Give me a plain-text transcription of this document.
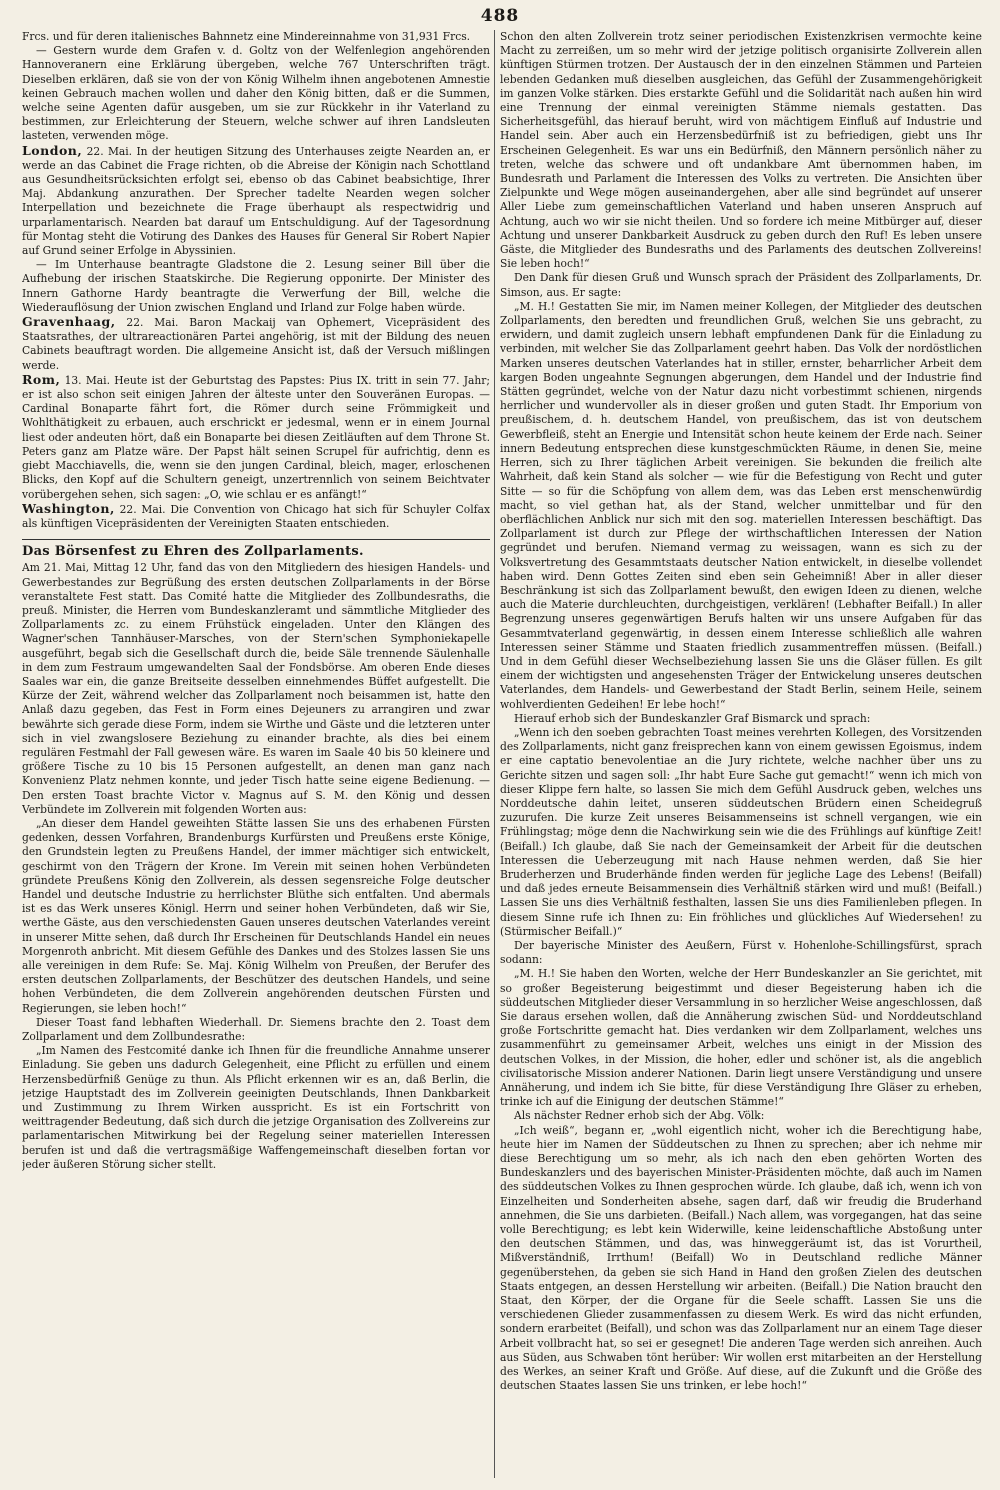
488

Frcs. und für deren italienisches Bahnnetz eine Mindereinnahme von 31,931 Frcs.

— Gestern wurde dem Grafen v. d. Goltz von der Welfenlegion angehörenden Hannoveranern eine Erklärung übergeben, welche 767 Unterschriften trägt. Dieselben erklären, daß sie von der von König Wilhelm ihnen angebotenen Amnestie keinen Gebrauch machen wollen und daher den König bitten, daß er die Summen, welche seine Agenten dafür ausgeben, um sie zur Rückkehr in ihr Vaterland zu bestimmen, zur Erleichterung der Steuern, welche schwer auf ihren Landsleuten lasteten, verwenden möge.

London, 22. Mai. In der heutigen Sitzung des Unterhauses zeigte Nearden an, er werde an das Cabinet die Frage richten, ob die Abreise der Königin nach Schottland aus Gesundheitsrücksichten erfolgt sei, ebenso ob das Cabinet beabsichtige, Ihrer Maj. Abdankung anzurathen. Der Sprecher tadelte Nearden wegen solcher Interpellation und bezeichnete die Frage überhaupt als respectwidrig und urparlamentarisch. Nearden bat darauf um Entschuldigung. Auf der Tagesordnung für Montag steht die Votirung des Dankes des Hauses für General Sir Robert Napier auf Grund seiner Erfolge in Abyssinien.

— Im Unterhause beantragte Gladstone die 2. Lesung seiner Bill über die Aufhebung der irischen Staatskirche. Die Regierung opponirte. Der Minister des Innern Gathorne Hardy beantragte die Verwerfung der Bill, welche die Wiederauflösung der Union zwischen England und Irland zur Folge haben würde.

Gravenhaag, 22. Mai. Baron Mackaij van Ophemert, Vicepräsident des Staatsrathes, der ultrareactionären Partei angehörig, ist mit der Bildung des neuen Cabinets beauftragt worden. Die allgemeine Ansicht ist, daß der Versuch mißlingen werde.

Rom, 13. Mai. Heute ist der Geburtstag des Papstes: Pius IX. tritt in sein 77. Jahr; er ist also schon seit einigen Jahren der älteste unter den Souveränen Europas. — Cardinal Bonaparte fährt fort, die Römer durch seine Frömmigkeit und Wohlthätigkeit zu erbauen, auch erschrickt er jedesmal, wenn er in einem Journal liest oder andeuten hört, daß ein Bonaparte bei diesen Zeitläuften auf dem Throne St. Peters ganz am Platze wäre. Der Papst hält seinen Scrupel für aufrichtig, denn es giebt Macchiavells, die, wenn sie den jungen Cardinal, bleich, mager, erloschenen Blicks, den Kopf auf die Schultern geneigt, unzertrennlich von seinem Beichtvater vorübergehen sehen, sich sagen: „O, wie schlau er es anfängt!“

Washington, 22. Mai. Die Convention von Chicago hat sich für Schuyler Colfax als künftigen Vicepräsidenten der Vereinigten Staaten entschieden.

Das Börsenfest zu Ehren des Zollparlaments.

Am 21. Mai, Mittag 12 Uhr, fand das von den Mitgliedern des hiesigen Handels- und Gewerbestandes zur Begrüßung des ersten deutschen Zollparlaments in der Börse veranstaltete Fest statt. Das Comité hatte die Mitglieder des Zollbundesraths, die preuß. Minister, die Herren vom Bundeskanzleramt und sämmtliche Mitglieder des Zollparlaments zc. zu einem Frühstück eingeladen. Unter den Klängen des Wagner'schen Tannhäuser-Marsches, von der Stern'schen Symphoniekapelle ausgeführt, begab sich die Gesellschaft durch die, beide Säle trennende Säulenhalle in dem zum Festraum umgewandelten Saal der Fondsbörse. Am oberen Ende dieses Saales war ein, die ganze Breitseite desselben einnehmendes Büffet aufgestellt. Die Kürze der Zeit, während welcher das Zollparlament noch beisammen ist, hatte den Anlaß dazu gegeben, das Fest in Form eines Dejeuners zu arrangiren und zwar bewährte sich gerade diese Form, indem sie Wirthe und Gäste und die letzteren unter sich in viel zwangslosere Beziehung zu einander brachte, als dies bei einem regulären Festmahl der Fall gewesen wäre. Es waren im Saale 40 bis 50 kleinere und größere Tische zu 10 bis 15 Personen aufgestellt, an denen man ganz nach Konvenienz Platz nehmen konnte, und jeder Tisch hatte seine eigene Bedienung. — Den ersten Toast brachte Victor v. Magnus auf S. M. den König und dessen Verbündete im Zollverein mit folgenden Worten aus:

„An dieser dem Handel geweihten Stätte lassen Sie uns des erhabenen Fürsten gedenken, dessen Vorfahren, Brandenburgs Kurfürsten und Preußens erste Könige, den Grundstein legten zu Preußens Handel, der immer mächtiger sich entwickelt, geschirmt von den Trägern der Krone. Im Verein mit seinen hohen Verbündeten gründete Preußens König den Zollverein, als dessen segensreiche Folge deutscher Handel und deutsche Industrie zu herrlichster Blüthe sich entfalten. Und abermals ist es das Werk unseres Königl. Herrn und seiner hohen Verbündeten, daß wir Sie, werthe Gäste, aus den verschiedensten Gauen unseres deutschen Vaterlandes vereint in unserer Mitte sehen, daß durch Ihr Erscheinen für Deutschlands Handel ein neues Morgenroth anbricht. Mit diesem Gefühle des Dankes und des Stolzes lassen Sie uns alle vereinigen in dem Rufe: Se. Maj. König Wilhelm von Preußen, der Berufer des ersten deutschen Zollparlaments, der Beschützer des deutschen Handels, und seine hohen Verbündeten, die dem Zollverein angehörenden deutschen Fürsten und Regierungen, sie leben hoch!“

Dieser Toast fand lebhaften Wiederhall. Dr. Siemens brachte den 2. Toast dem Zollparlament und dem Zollbundesrathe:

„Im Namen des Festcomité danke ich Ihnen für die freundliche Annahme unserer Einladung. Sie geben uns dadurch Gelegenheit, eine Pflicht zu erfüllen und einem Herzensbedürfniß Genüge zu thun. Als Pflicht erkennen wir es an, daß Berlin, die jetzige Hauptstadt des im Zollverein geeinigten Deutschlands, Ihnen Dankbarkeit und Zustimmung zu Ihrem Wirken ausspricht. Es ist ein Fortschritt von weittragender Bedeutung, daß sich durch die jetzige Organisation des Zollvereins zur parlamentarischen Mitwirkung bei der Regelung seiner materiellen Interessen berufen ist und daß die vertragsmäßige Waffengemeinschaft dieselben fortan vor jeder äußeren Störung sicher stellt.

Schon den alten Zollverein trotz seiner periodischen Existenzkrisen vermochte keine Macht zu zerreißen, um so mehr wird der jetzige politisch organisirte Zollverein allen künftigen Stürmen trotzen. Der Austausch der in den einzelnen Stämmen und Parteien lebenden Gedanken muß dieselben ausgleichen, das Gefühl der Zusammengehörigkeit im ganzen Volke stärken. Dies erstarkte Gefühl und die Solidarität nach außen hin wird eine Trennung der einmal vereinigten Stämme niemals gestatten. Das Sicherheitsgefühl, das hierauf beruht, wird von mächtigem Einfluß auf Industrie und Handel sein. Aber auch ein Herzensbedürfniß ist zu befriedigen, giebt uns Ihr Erscheinen Gelegenheit. Es war uns ein Bedürfniß, den Männern persönlich näher zu treten, welche das schwere und oft undankbare Amt übernommen haben, im Bundesrath und Parlament die Interessen des Volks zu vertreten. Die Ansichten über Zielpunkte und Wege mögen auseinandergehen, aber alle sind begründet auf unserer Aller Liebe zum gemeinschaftlichen Vaterland und haben unseren Anspruch auf Achtung, auch wo wir sie nicht theilen. Und so fordere ich meine Mitbürger auf, dieser Achtung und unserer Dankbarkeit Ausdruck zu geben durch den Ruf! Es leben unsere Gäste, die Mitglieder des Bundesraths und des Parlaments des deutschen Zollvereins! Sie leben hoch!“

Den Dank für diesen Gruß und Wunsch sprach der Präsident des Zollparlaments, Dr. Simson, aus. Er sagte:

„M. H.! Gestatten Sie mir, im Namen meiner Kollegen, der Mitglieder des deutschen Zollparlaments, den beredten und freundlichen Gruß, welchen Sie uns gebracht, zu erwidern, und damit zugleich unsern lebhaft empfundenen Dank für die Einladung zu verbinden, mit welcher Sie das Zollparlament geehrt haben. Das Volk der nordöstlichen Marken unseres deutschen Vaterlandes hat in stiller, ernster, beharrlicher Arbeit dem kargen Boden ungeahnte Segnungen abgerungen, dem Handel und der Industrie find Stätten gegründet, welche von der Natur dazu nicht vorbestimmt schienen, nirgends herrlicher und wundervoller als in dieser großen und guten Stadt. Ihr Emporium von preußischem, d. h. deutschem Handel, von preußischem, das ist von deutschem Gewerbfleiß, steht an Energie und Intensität schon heute keinem der Erde nach. Seiner innern Bedeutung entsprechen diese kunstgeschmückten Räume, in denen Sie, meine Herren, sich zu Ihrer täglichen Arbeit vereinigen. Sie bekunden die freilich alte Wahrheit, daß kein Stand als solcher — wie für die Befestigung von Recht und guter Sitte — so für die Schöpfung von allem dem, was das Leben erst menschenwürdig macht, so viel gethan hat, als der Stand, welcher unmittelbar und für den oberflächlichen Anblick nur sich mit den sog. materiellen Interessen beschäftigt. Das Zollparlament ist durch zur Pflege der wirthschaftlichen Interessen der Nation gegründet und berufen. Niemand vermag zu weissagen, wann es sich zu der Volksvertretung des Gesammtstaats deutscher Nation entwickelt, in dieselbe vollendet haben wird. Denn Gottes Zeiten sind eben sein Geheimniß! Aber in aller dieser Beschränkung ist sich das Zollparlament bewußt, den ewigen Ideen zu dienen, welche auch die Materie durchleuchten, durchgeistigen, verklären! (Lebhafter Beifall.) In aller Begrenzung unseres gegenwärtigen Berufs halten wir uns unsere Aufgaben für das Gesammtvaterland gegenwärtig, in dessen einem Interesse schließlich alle wahren Interessen seiner Stämme und Staaten friedlich zusammentreffen müssen. (Beifall.) Und in dem Gefühl dieser Wechselbeziehung lassen Sie uns die Gläser füllen. Es gilt einem der wichtigsten und angesehensten Träger der Entwickelung unseres deutschen Vaterlandes, dem Handels- und Gewerbestand der Stadt Berlin, seinem Heile, seinem wohlverdienten Gedeihen! Er lebe hoch!“

Hierauf erhob sich der Bundeskanzler Graf Bismarck und sprach:

„Wenn ich den soeben gebrachten Toast meines verehrten Kollegen, des Vorsitzenden des Zollparlaments, nicht ganz freisprechen kann von einem gewissen Egoismus, indem er eine captatio benevolentiae an die Jury richtete, welche nachher über uns zu Gerichte sitzen und sagen soll: „Ihr habt Eure Sache gut gemacht!“ wenn ich mich von dieser Klippe fern halte, so lassen Sie mich dem Gefühl Ausdruck geben, welches uns Norddeutsche dahin leitet, unseren süddeutschen Brüdern einen Scheidegruß zuzurufen. Die kurze Zeit unseres Beisammenseins ist schnell vergangen, wie ein Frühlingstag; möge denn die Nachwirkung sein wie die des Frühlings auf künftige Zeit! (Beifall.) Ich glaube, daß Sie nach der Gemeinsamkeit der Arbeit für die deutschen Interessen die Ueberzeugung mit nach Hause nehmen werden, daß Sie hier Bruderherzen und Bruderhände finden werden für jegliche Lage des Lebens! (Beifall) und daß jedes erneute Beisammensein dies Verhältniß stärken wird und muß! (Beifall.) Lassen Sie uns dies Verhältniß festhalten, lassen Sie uns dies Familienleben pflegen. In diesem Sinne rufe ich Ihnen zu: Ein fröhliches und glückliches Auf Wiedersehen! zu (Stürmischer Beifall.)“

Der bayerische Minister des Aeußern, Fürst v. Hohenlohe-Schillingsfürst, sprach sodann:

„M. H.! Sie haben den Worten, welche der Herr Bundeskanzler an Sie gerichtet, mit so großer Begeisterung beigestimmt und dieser Begeisterung haben ich die süddeutschen Mitglieder dieser Versammlung in so herzlicher Weise angeschlossen, daß Sie daraus ersehen wollen, daß die Annäherung zwischen Süd- und Norddeutschland große Fortschritte gemacht hat. Dies verdanken wir dem Zollparlament, welches uns zusammenführt zu gemeinsamer Arbeit, welches uns einigt in der Mission des deutschen Volkes, in der Mission, die hoher, edler und schöner ist, als die angeblich civilisatorische Mission anderer Nationen. Darin liegt unsere Verständigung und unsere Annäherung, und indem ich Sie bitte, für diese Verständigung Ihre Gläser zu erheben, trinke ich auf die Einigung der deutschen Stämme!“

Als nächster Redner erhob sich der Abg. Völk:

„Ich weiß“, begann er, „wohl eigentlich nicht, woher ich die Berechtigung habe, heute hier im Namen der Süddeutschen zu Ihnen zu sprechen; aber ich nehme mir diese Berechtigung um so mehr, als ich nach den eben gehörten Worten des Bundeskanzlers und des bayerischen Minister-Präsidenten möchte, daß auch im Namen des süddeutschen Volkes zu Ihnen gesprochen würde. Ich glaube, daß ich, wenn ich von Einzelheiten und Sonderheiten absehe, sagen darf, daß wir freudig die Bruderhand annehmen, die Sie uns darbieten. (Beifall.) Nach allem, was vorgegangen, hat das seine volle Berechtigung; es lebt kein Widerwille, keine leidenschaftliche Abstoßung unter den deutschen Stämmen, und das, was hinweggeräumt ist, das ist Vorurtheil, Mißverständniß, Irrthum! (Beifall) Wo in Deutschland redliche Männer gegenüberstehen, da geben sie sich Hand in Hand den großen Zielen des deutschen Staats entgegen, an dessen Herstellung wir arbeiten. (Beifall.) Die Nation braucht den Staat, den Körper, der die Organe für die Seele schafft. Lassen Sie uns die verschiedenen Glieder zusammenfassen zu diesem Werk. Es wird das nicht erfunden, sondern erarbeitet (Beifall), und schon was das Zollparlament nur an einem Tage dieser Arbeit vollbracht hat, so sei er gesegnet! Die anderen Tage werden sich anreihen. Auch aus Süden, aus Schwaben tönt herüber: Wir wollen erst mitarbeiten an der Herstellung des Werkes, an seiner Kraft und Größe. Auf diese, auf die Zukunft und die Größe des deutschen Staates lassen Sie uns trinken, er lebe hoch!“
